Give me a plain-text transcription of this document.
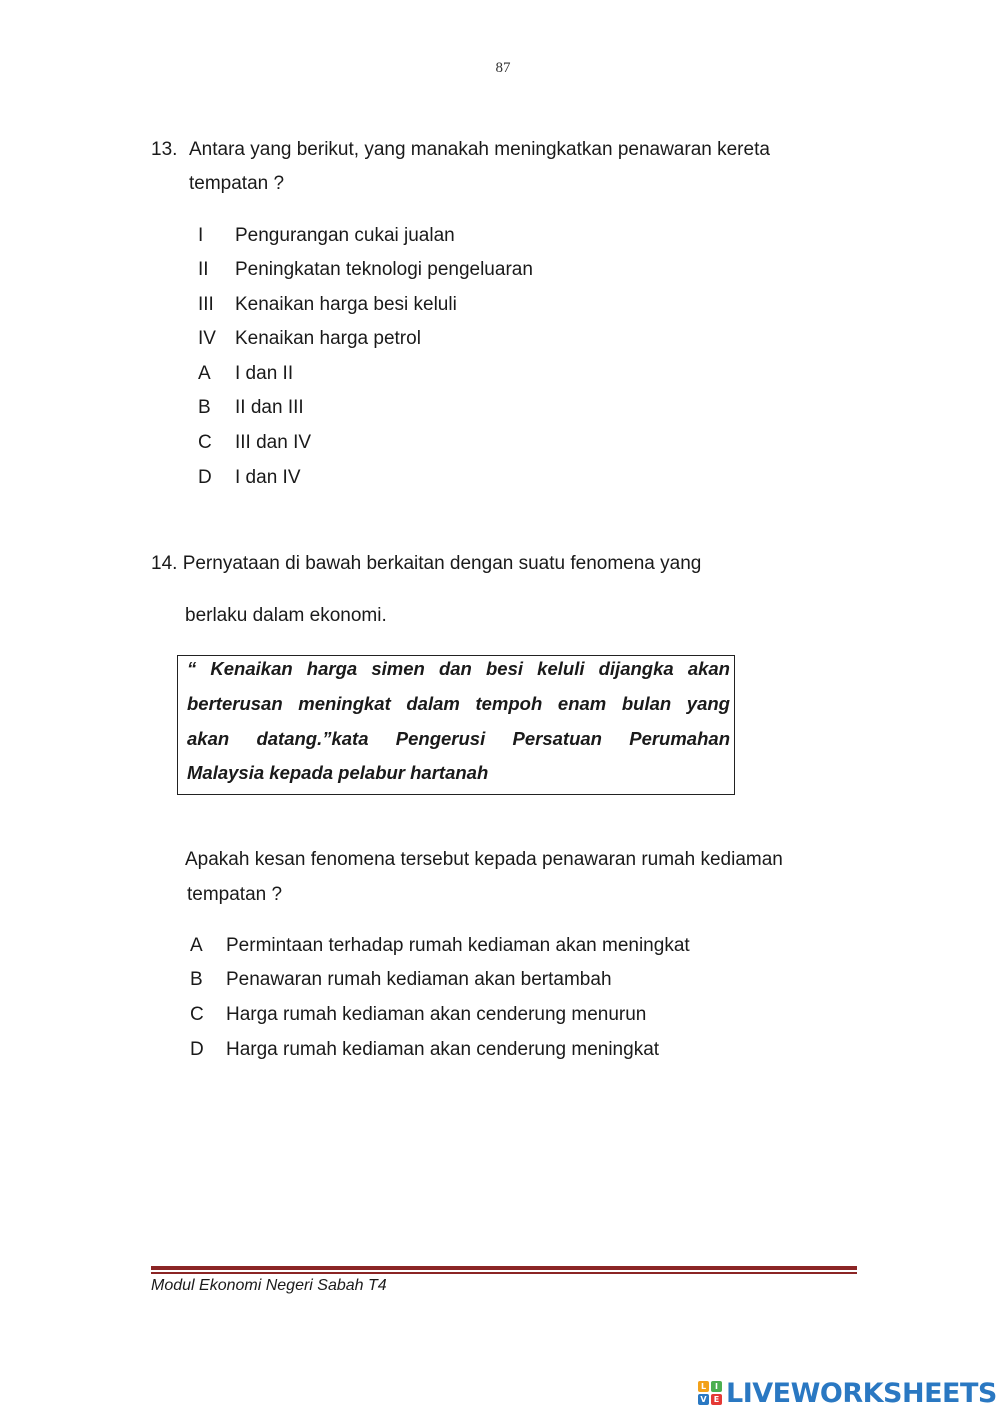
87
13. Antara yang berikut, yang manakah meningkatkan penawaran kereta
tempatan ?
I Pengurangan cukai jualan
II Peningkatan teknologi pengeluaran
III Kenaikan harga besi keluli
IV Kenaikan harga petrol
A I dan II
B II dan III
C III dan IV
D I dan IV
14. Pernyataan di bawah berkaitan dengan suatu fenomena yang
berlaku dalam ekonomi.
“ Kenaikan harga simen dan besi keluli dijangka akan
berterusan meningkat dalam tempoh enam bulan yang
akan datang.”kata Pengerusi Persatuan Perumahan
Malaysia kepada pelabur hartanah
Apakah kesan fenomena tersebut kepada penawaran rumah kediaman
tempatan ?
A Permintaan terhadap rumah kediaman akan meningkat
B Penawaran rumah kediaman akan bertambah
C Harga rumah kediaman akan cenderung menurun
D Harga rumah kediaman akan cenderung meningkat
Modul Ekonomi Negeri Sabah T4
L	I
V E LIVEWORKSHEETS
